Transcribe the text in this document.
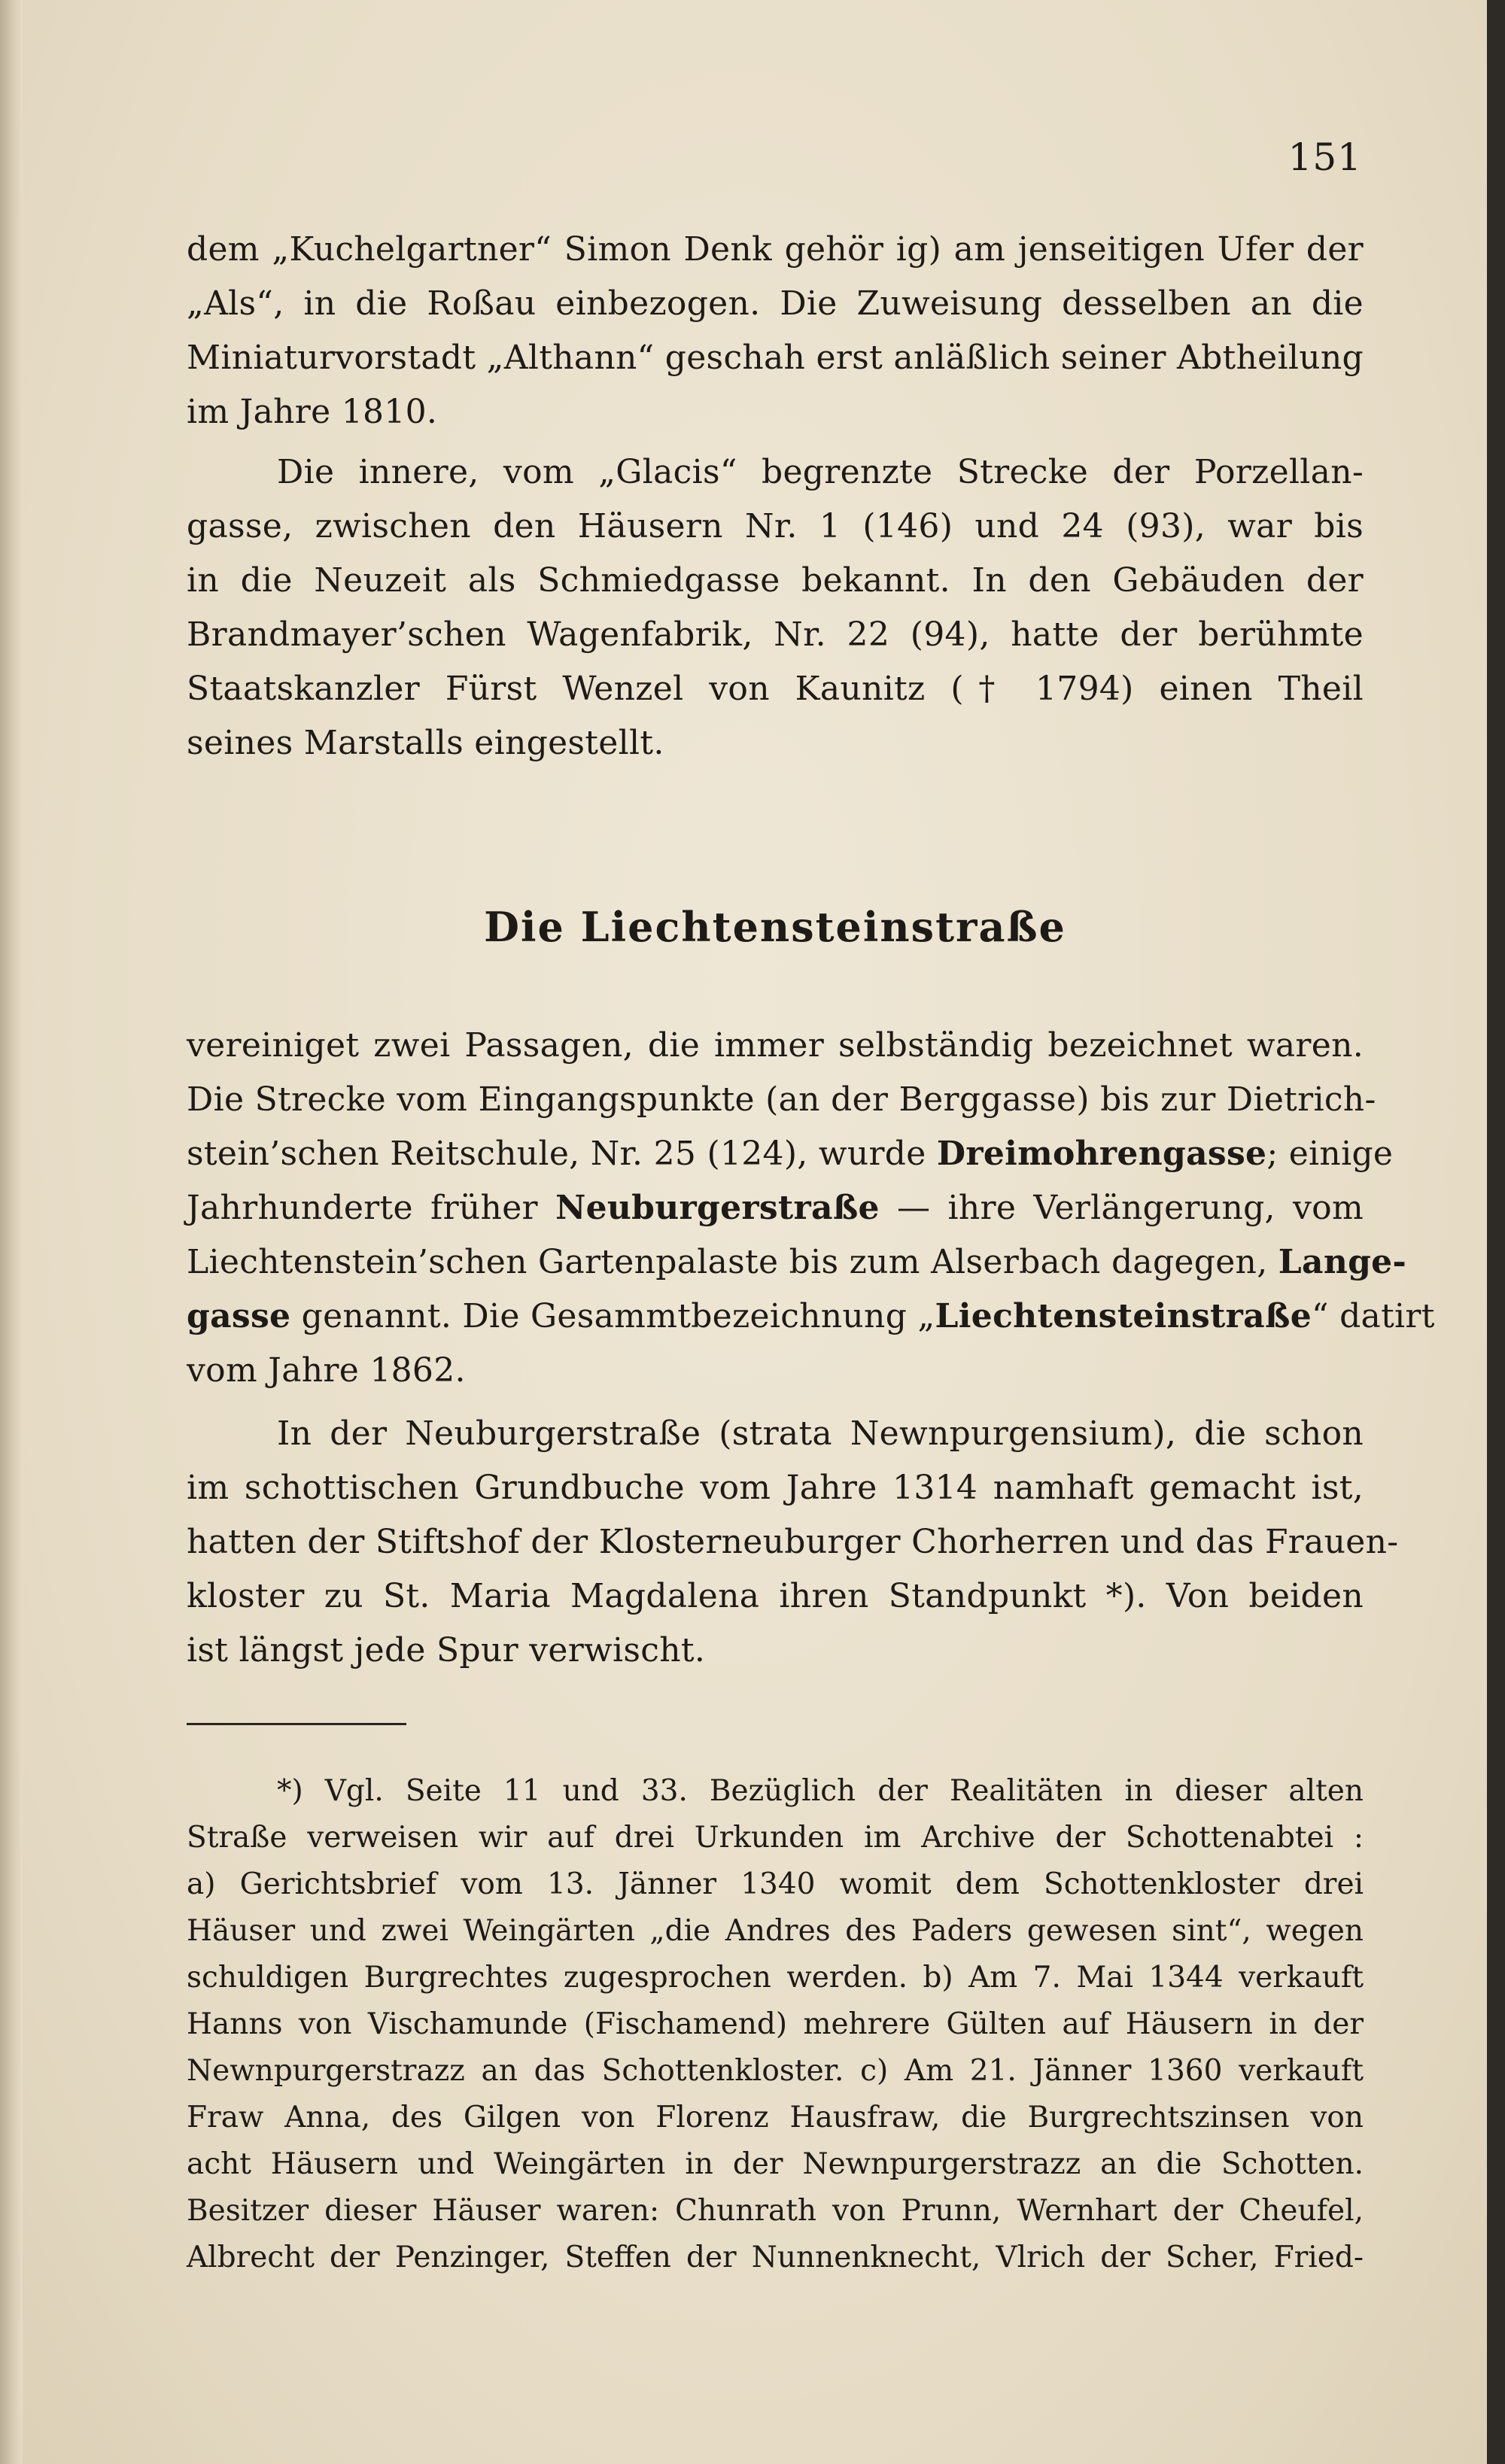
151
dem „Kuchelgartner“ Simon Denk gehör ig) am jenseitigen Ufer der
„Als“, in die Roßau einbezogen. Die Zuweisung desselben an die
Miniaturvorstadt „Althann“ geschah erst anläßlich seiner Abtheilung
im Jahre 1810.
Die innere, vom „Glacis“ begrenzte Strecke der Porzellan-
gasse, zwischen den Häusern Nr. 1 (146) und 24 (93), war bis
in die Neuzeit als Schmiedgasse bekannt. In den Gebäuden der
Brandmayer’schen Wagenfabrik, Nr. 22 (94), hatte der berühmte
Staatskanzler Fürst Wenzel von Kaunitz († 1794) einen Theil
seines Marstalls eingestellt.
Die Liechtensteinstraße
vereiniget zwei Passagen, die immer selbständig bezeichnet waren.
Die Strecke vom Eingangspunkte (an der Berggasse) bis zur Dietrich-
stein’schen Reitschule, Nr. 25 (124), wurde Dreimohrengasse; einige
Jahrhunderte früher Neuburgerstraße — ihre Verlängerung, vom
Liechtenstein’schen Gartenpalaste bis zum Alserbach dagegen, Lange-
gasse genannt. Die Gesammtbezeichnung „Liechtensteinstraße“ datirt
vom Jahre 1862.
In der Neuburgerstraße (strata Newnpurgensium), die schon
im schottischen Grundbuche vom Jahre 1314 namhaft gemacht ist,
hatten der Stiftshof der Klosterneuburger Chorherren und das Frauen-
kloster zu St. Maria Magdalena ihren Standpunkt *). Von beiden
ist längst jede Spur verwischt.
*) Vgl. Seite 11 und 33. Bezüglich der Realitäten in dieser alten
Straße verweisen wir auf drei Urkunden im Archive der Schottenabtei :
a) Gerichtsbrief vom 13. Jänner 1340 womit dem Schottenkloster drei
Häuser und zwei Weingärten „die Andres des Paders gewesen sint“, wegen
schuldigen Burgrechtes zugesprochen werden. b) Am 7. Mai 1344 verkauft
Hanns von Vischamunde (Fischamend) mehrere Gülten auf Häusern in der
Newnpurgerstrazz an das Schottenkloster. c) Am 21. Jänner 1360 verkauft
Fraw Anna, des Gilgen von Florenz Hausfraw, die Burgrechtszinsen von
acht Häusern und Weingärten in der Newnpurgerstrazz an die Schotten.
Besitzer dieser Häuser waren: Chunrath von Prunn, Wernhart der Cheufel,
Albrecht der Penzinger, Steffen der Nunnenknecht, Vlrich der Scher, Fried-
